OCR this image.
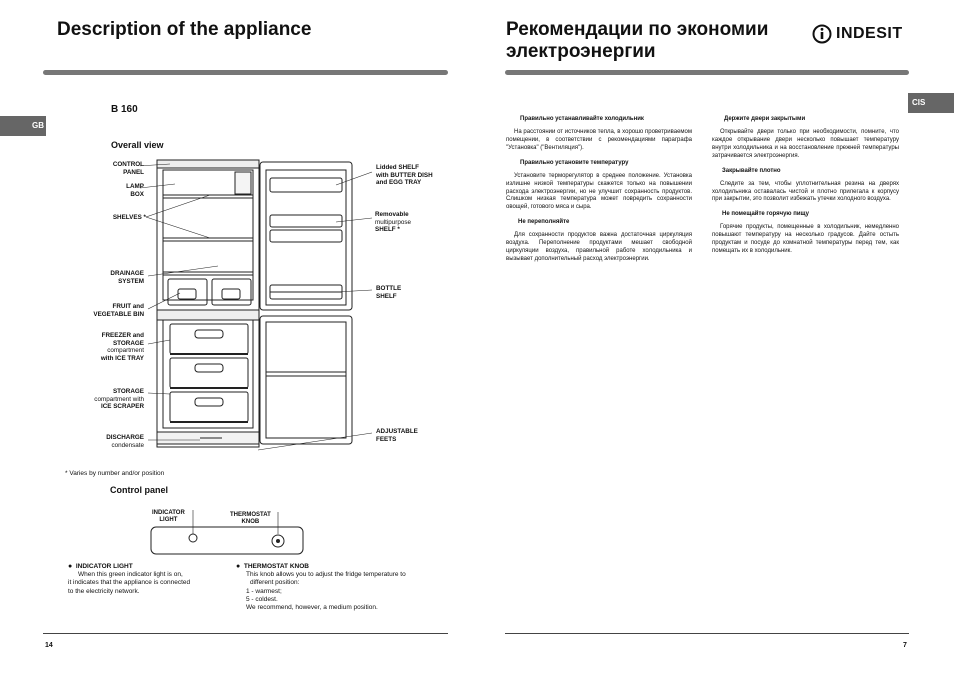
Description of the appliance
GB
B 160
Overall view
CONTROL
PANEL
LAMP
BOX
SHELVES *
DRAINAGE
SYSTEM
FRUIT and
VEGETABLE BIN
FREEZER and
STORAGE
compartment
with ICE TRAY
STORAGE
compartment with
ICE SCRAPER
DISCHARGE
condensate
Lidded SHELF
with BUTTER DISH
and EGG TRAY
Removable
multipurpose
SHELF *
BOTTLE
SHELF
ADJUSTABLE
FEETS
* Varies by number and/or position
Control panel
INDICATOR
LIGHT
THERMOSTAT
KNOB
● INDICATOR LIGHT
When this green indicator light is on,
it indicates that the appliance is connected
to the electricity network.
● THERMOSTAT KNOB
This knob allows you to adjust the fridge temperature to
different position:
1 - warmest;
5 - coldest.
We recommend, however, a medium position.
14
Рекомендации по экономии
электроэнергии
INDESIT
CIS
Правильно устанавливайте холодильник
На расстоянии от источников тепла, в хорошо проветриваемом помещении, в соответствии с рекомендациями параграфа "Установка" ("Вентиляция").
Правильно установите температуру
Установите терморегулятор в среднее положение. Установка излишне низкой температуры скажется только на повышении расхода электроэнергии, но не улучшит сохранность продуктов. Слишком низкая температура может повредить сохранности овощей, готового мяса и сыра.
Не переполняйте
Для сохранности продуктов важна достаточная циркуляция воздуха. Переполнение продуктами мешает свободной циркуляции воздуха, правильной работе холодильника и вызывает дополнительный расход электроэнергии.
Держите двери закрытыми
Открывайте двери только при необходимости, помните, что каждое открывание двери несколько повышает температуру внутри холодильника и на восстановление прежней температуры затрачивается электроэнергия.
Закрывайте плотно
Следите за тем, чтобы уплотнительная резина на дверях холодильника оставалась чистой и плотно прилегала к корпусу при закрытии, это позволит избежать утечки холодного воздуха.
Не помещайте горячую пищу
Горячие продукты, помещенные в холодильник, немедленно повышают температуру на несколько градусов. Дайте остыть продуктам и посуде до комнатной температуры перед тем, как помещать их в холодильник.
7
